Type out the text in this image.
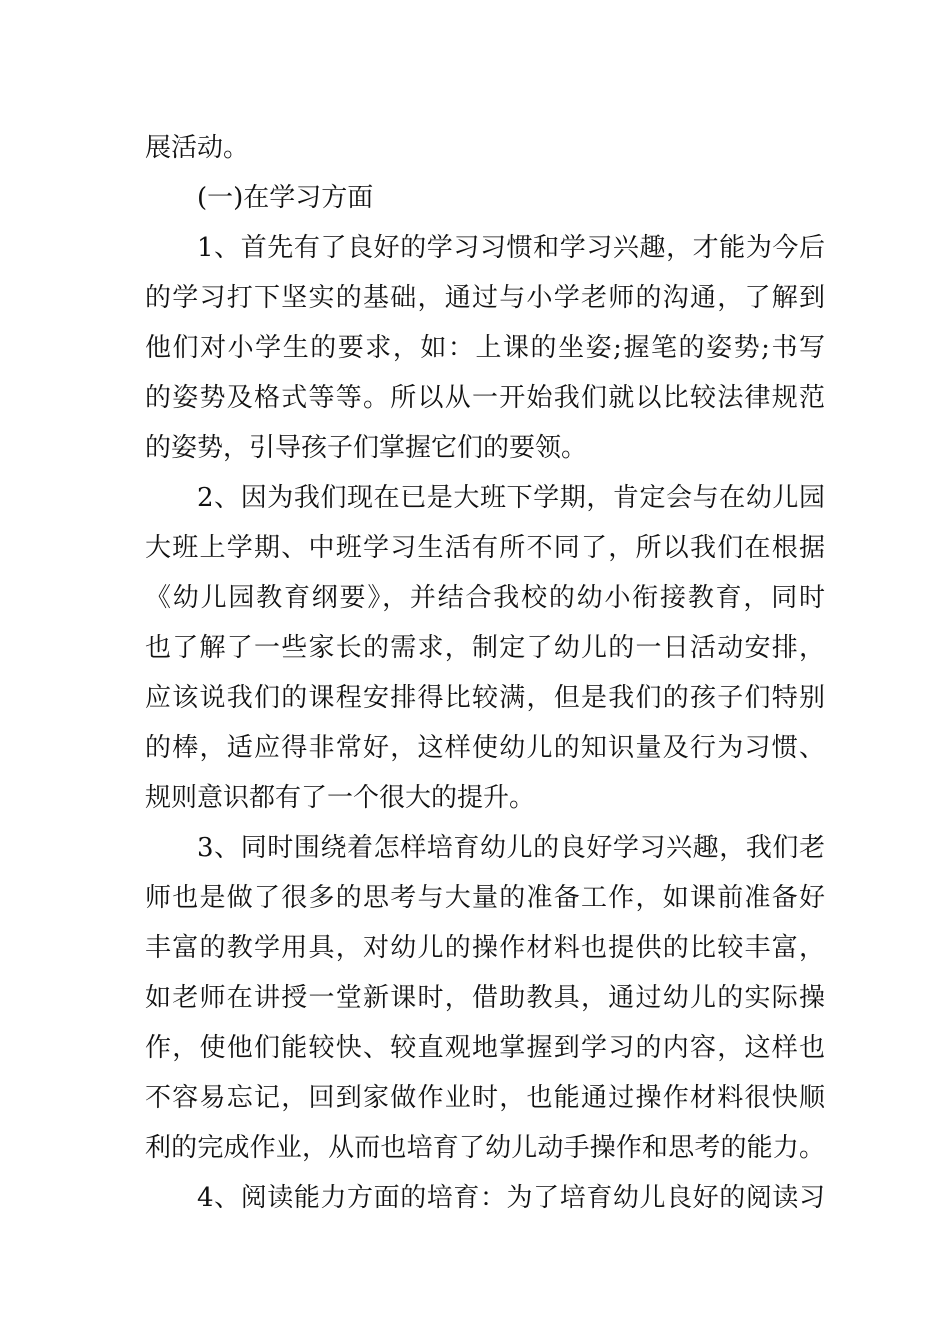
展活动。
(一)在学习方面
1、首先有了良好的学习习惯和学习兴趣，才能为今后
的学习打下坚实的基础，通过与小学老师的沟通，了解到
他们对小学生的要求，如：上课的坐姿;握笔的姿势;书写
的姿势及格式等等。所以从一开始我们就以比较法律规范
的姿势，引导孩子们掌握它们的要领。
2、因为我们现在已是大班下学期，肯定会与在幼儿园
大班上学期、中班学习生活有所不同了，所以我们在根据
《幼儿园教育纲要》，并结合我校的幼小衔接教育，同时
也了解了一些家长的需求，制定了幼儿的一日活动安排，
应该说我们的课程安排得比较满，但是我们的孩子们特别
的棒，适应得非常好，这样使幼儿的知识量及行为习惯、
规则意识都有了一个很大的提升。
3、同时围绕着怎样培育幼儿的良好学习兴趣，我们老
师也是做了很多的思考与大量的准备工作，如课前准备好
丰富的教学用具，对幼儿的操作材料也提供的比较丰富，
如老师在讲授一堂新课时，借助教具，通过幼儿的实际操
作，使他们能较快、较直观地掌握到学习的内容，这样也
不容易忘记，回到家做作业时，也能通过操作材料很快顺
利的完成作业，从而也培育了幼儿动手操作和思考的能力。
4、阅读能力方面的培育：为了培育幼儿良好的阅读习
